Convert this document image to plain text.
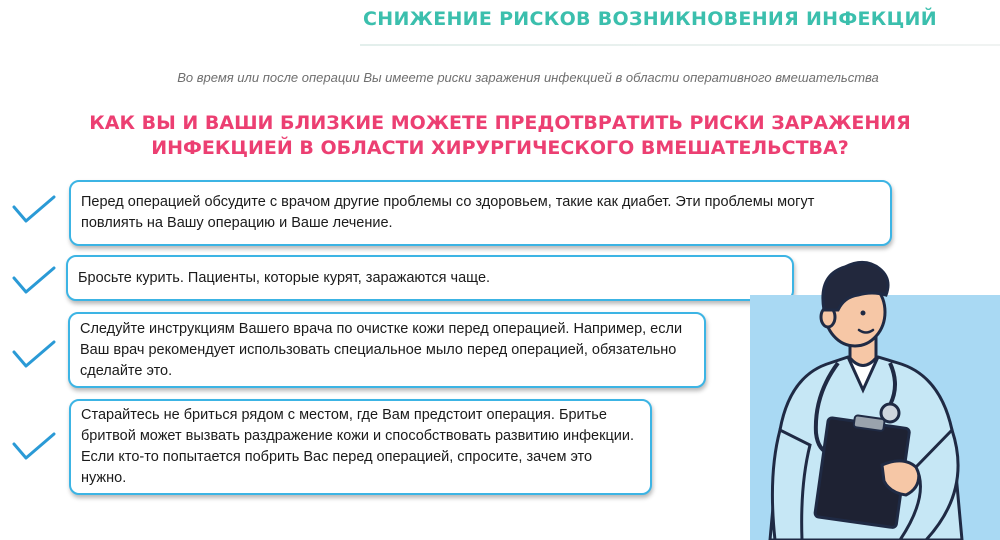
СНИЖЕНИЕ РИСКОВ ВОЗНИКНОВЕНИЯ ИНФЕКЦИЙ
Во время или после операции Вы имеете риски заражения инфекцией в области оперативного вмешательства
КАК ВЫ И ВАШИ БЛИЗКИЕ МОЖЕТЕ ПРЕДОТВРАТИТЬ РИСКИ ЗАРАЖЕНИЯ ИНФЕКЦИЕЙ В ОБЛАСТИ ХИРУРГИЧЕСКОГО ВМЕШАТЕЛЬСТВА?
Перед операцией обсудите с врачом другие проблемы со здоровьем, такие как диабет. Эти проблемы могут повлиять на Вашу операцию и Ваше лечение.
Бросьте курить. Пациенты, которые курят, заражаются чаще.
Следуйте инструкциям Вашего врача по очистке кожи перед операцией. Например, если Ваш врач рекомендует использовать специальное мыло перед операцией, обязательно сделайте это.
Старайтесь не бриться рядом с местом, где Вам предстоит операция. Бритье бритвой может вызвать раздражение кожи и способствовать развитию инфекции. Если кто-то попытается побрить Вас перед операцией, спросите, зачем это нужно.
